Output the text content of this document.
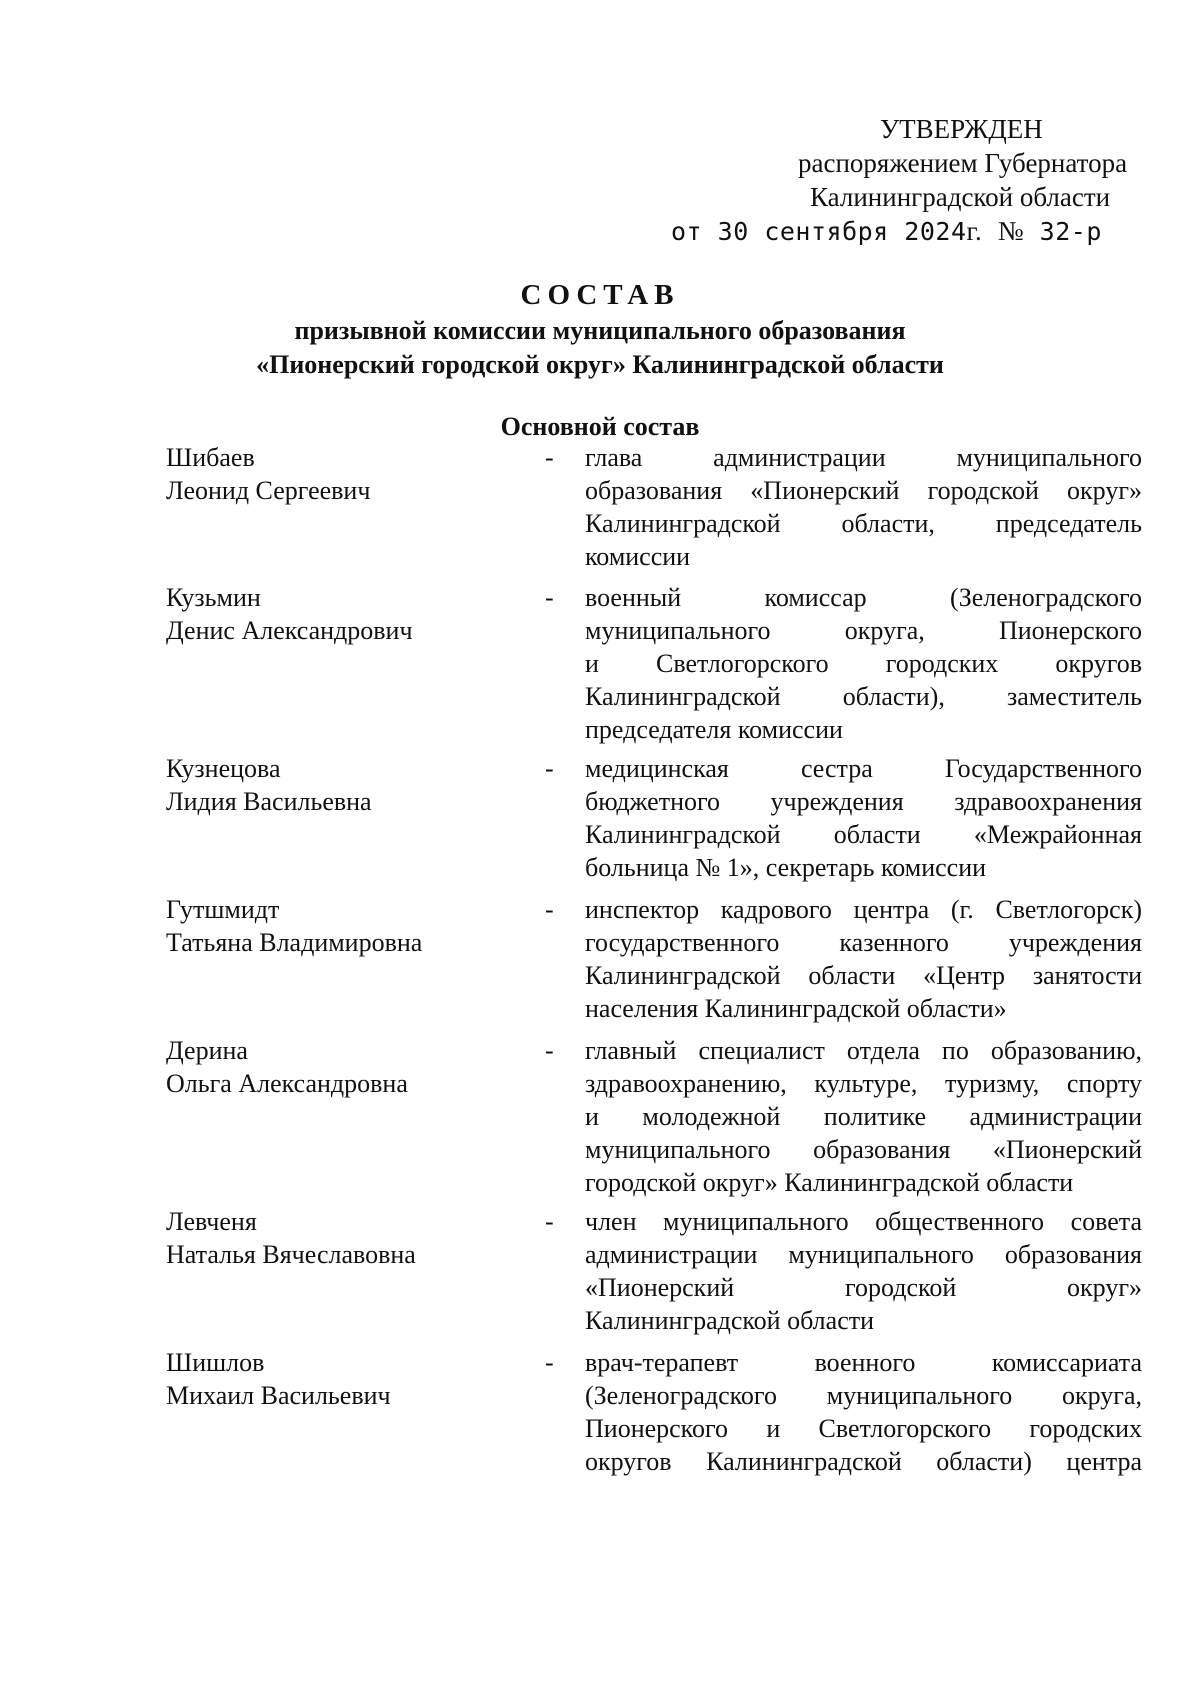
УТВЕРЖДЕН
распоряжением Губернатора
Калининградской области
от 30 сентября 2024г. № 32-р
СОСТАВ
призывной комиссии муниципального образования
«Пионерский городской округ» Калининградской области
Основной состав
Шибаев
Леонид Сергеевич
- глава администрации муниципального
образования «Пионерский городской округ»
Калининградской области, председатель
комиссии
Кузьмин
Денис Александрович
- военный комиссар (Зеленоградского
муниципального округа, Пионерского
и Светлогорского городских округов
Калининградской области), заместитель
председателя комиссии
Кузнецова
Лидия Васильевна
- медицинская сестра Государственного
бюджетного учреждения здравоохранения
Калининградской области «Межрайонная
больница № 1», секретарь комиссии
Гутшмидт
Татьяна Владимировна
- инспектор кадрового центра (г. Светлогорск)
государственного казенного учреждения
Калининградской области «Центр занятости
населения Калининградской области»
Дерина
Ольга Александровна
- главный специалист отдела по образованию,
здравоохранению, культуре, туризму, спорту
и молодежной политике администрации
муниципального образования «Пионерский
городской округ» Калининградской области
Левченя
Наталья Вячеславовна
- член муниципального общественного совета
администрации муниципального образования
«Пионерский городской округ»
Калининградской области
Шишлов
Михаил Васильевич
- врач-терапевт военного комиссариата
(Зеленоградского муниципального округа,
Пионерского и Светлогорского городских
округов Калининградской области) центра
